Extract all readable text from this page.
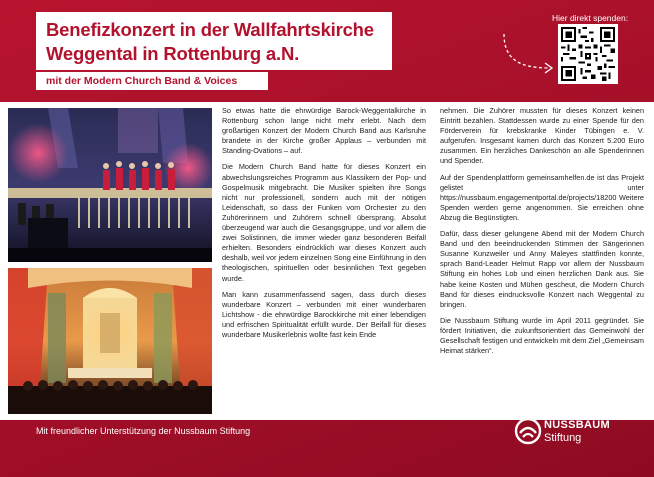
Benefizkonzert in der Wallfahrtskirche
Weggental in Rottenburg a.N.
mit der Modern Church Band & Voices
Hier direkt spenden:

So etwas hatte die ehrwürdige Barock-Weggentalkirche in Rottenburg schon lange nicht mehr erlebt. Nach dem großartigen Konzert der Modern Church Band aus Karlsruhe brandete in der Kirche großer Applaus – verbunden mit Standing-Ovations – auf.

Die Modern Church Band hatte für dieses Konzert ein abwechslungsreiches Programm aus Klassikern der Pop- und Gospelmusik mitgebracht. Die Musiker spielten ihre Songs nicht nur professionell, sondern auch mit der nötigen Leidenschaft, so dass der Funken vom Orchester zu den Zuhörerinnern und Zuhörern schnell übersprang. Absolut überzeugend war auch die Gesangsgruppe, und vor allem die zwei Solistinnen, die immer wieder ganz besonderen Beifall erhielten. Besonders eindrücklich war dieses Konzert auch deshalb, weil vor jedem einzelnen Song eine Einführung in den theologischen, spirituellen oder besinnlichen Text gegeben wurde.

Man kann zusammenfassend sagen, dass durch dieses wunderbare Konzert – verbunden mit einer wunderbaren Lichtshow - die ehrwürdige Barockkirche mit einer lebendigen und erfrischen Spiritualität erfüllt wurde. Der Beifall für dieses wunderbare Musikerlebnis wollte fast kein Ende

nehmen. Die Zuhörer mussten für dieses Konzert keinen Eintritt bezahlen. Stattdessen wurde zu einer Spende für den Förderverein für krebskranke Kinder Tübingen e. V. aufgerufen. Insgesamt kamen durch das Konzert 5.200 Euro zusammen. Ein herzliches Dankeschön an alle Spenderinnen und Spender.

Auf der Spendenplattform gemeinsamhelfen.de ist das Projekt gelistet unter https://nussbaum.engagementportal.de/projects/18200 Weitere Spenden werden gerne angenommen. Sie erreichen ohne Abzug die Begünstigten.

Dafür, dass dieser gelungene Abend mit der Modern Church Band und den beeindruckenden Stimmen der Sängerinnen Susanne Kunzweiler und Anny Maleyes stattfinden konnte, sprach Band-Leader Helmut Rapp vor allem der Nussbaum Stiftung ein hohes Lob und einen herzlichen Dank aus. Sie habe keine Kosten und Mühen gescheut, die Modern Church Band für dieses eindrucksvolle Konzert nach Weggental zu bringen.

Die Nussbaum Stiftung wurde im April 2011 gegründet. Sie fördert Initiativen, die zukunftsorientiert das Gemeinwohl der Gesellschaft festigen und entwickeln mit dem Ziel „Gemeinsam Heimat stärken“.

Mit freundlicher Unterstützung der Nussbaum Stiftung	NUSSBAUM
Stiftung
